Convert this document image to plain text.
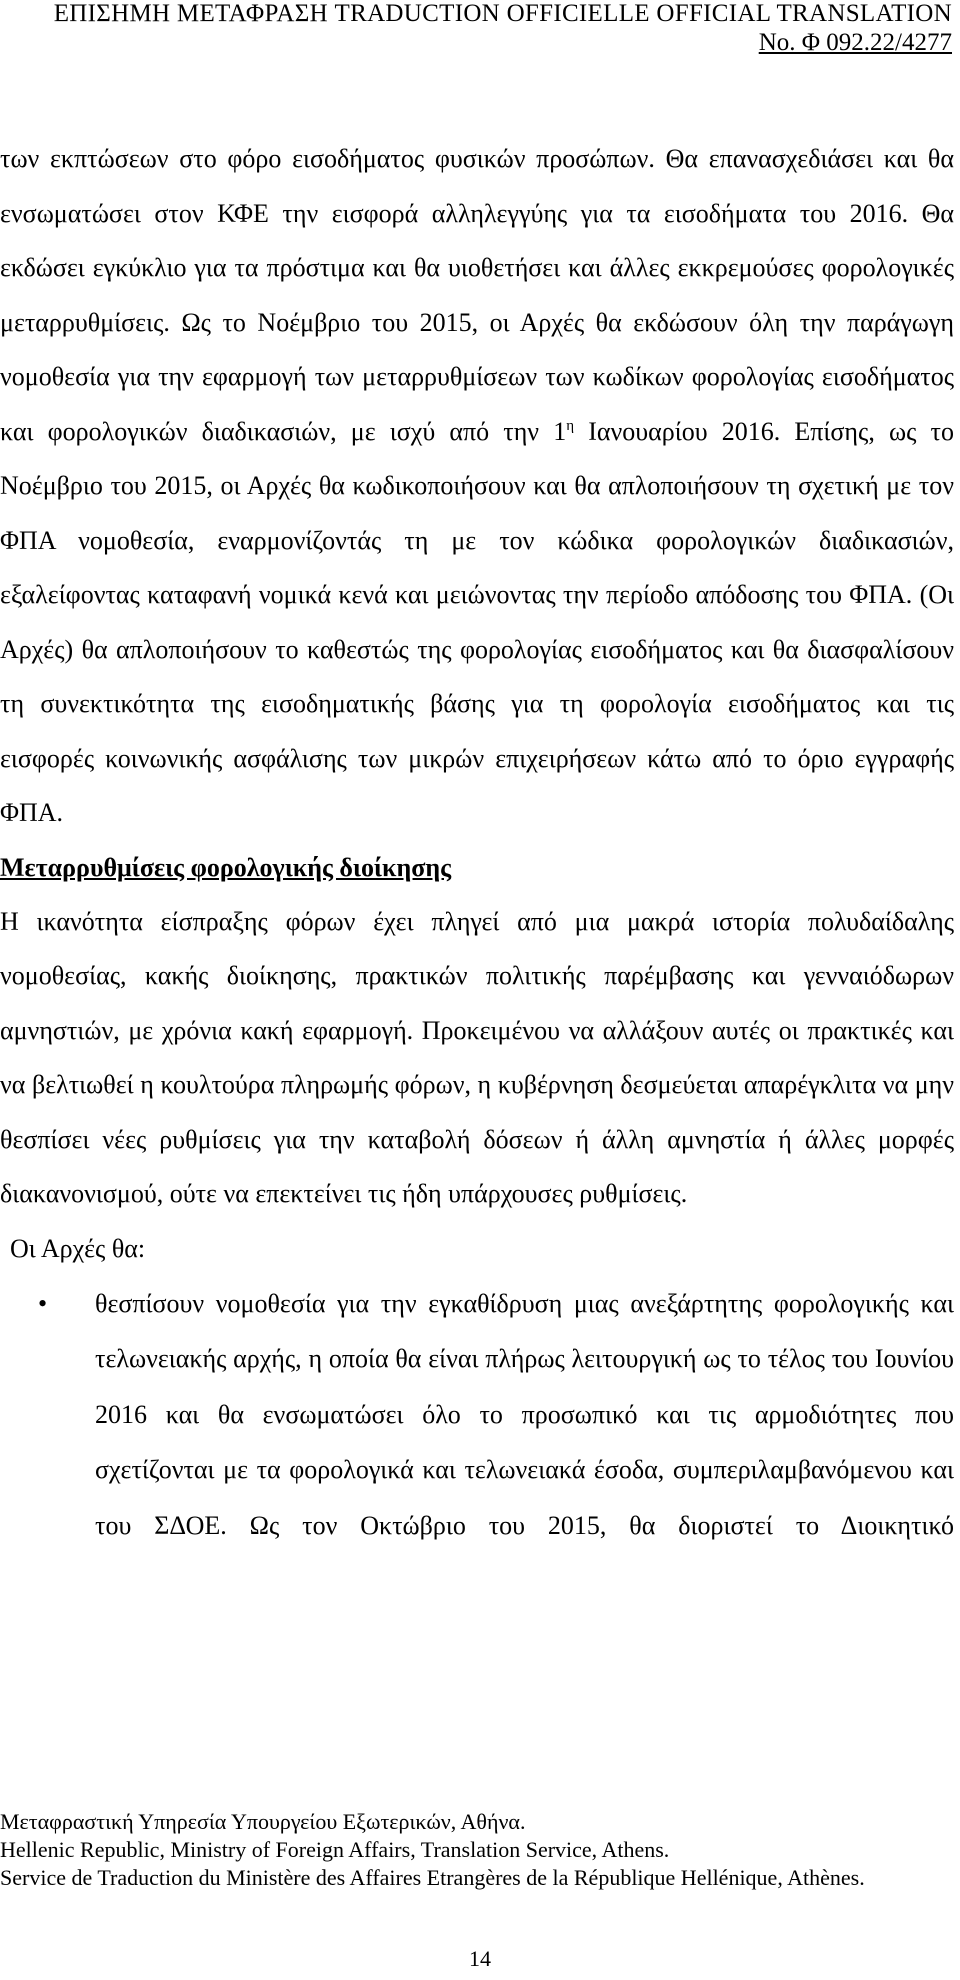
ΕΠΙΣΗΜΗ ΜΕΤΑΦΡΑΣΗ TRADUCTION OFFICIELLE OFFICIAL TRANSLATION
No. Φ 092.22/4277
των εκπτώσεων στο φόρο εισοδήματος φυσικών προσώπων. Θα επανασχεδιάσει και θα ενσωματώσει στον ΚΦΕ την εισφορά αλληλεγγύης για τα εισοδήματα του 2016. Θα εκδώσει εγκύκλιο για τα πρόστιμα και θα υιοθετήσει και άλλες εκκρεμούσες φορολογικές μεταρρυθμίσεις. Ως το Νοέμβριο του 2015, οι Αρχές θα εκδώσουν όλη την παράγωγη νομοθεσία για την εφαρμογή των μεταρρυθμίσεων των κωδίκων φορολογίας εισοδήματος και φορολογικών διαδικασιών, με ισχύ από την $1^\eta$ Ιανουαρίου 2016. Επίσης, ως το Νοέμβριο του 2015, οι Αρχές θα κωδικοποιήσουν και θα απλοποιήσουν τη σχετική με τον ΦΠΑ νομοθεσία, εναρμονίζοντάς τη με τον κώδικα φορολογικών διαδικασιών, εξαλείφοντας καταφανή νομικά κενά και μειώνοντας την περίοδο απόδοσης του ΦΠΑ. (Οι Αρχές) θα απλοποιήσουν το καθεστώς της φορολογίας εισοδήματος και θα διασφαλίσουν τη συνεκτικότητα της εισοδηματικής βάσης για τη φορολογία εισοδήματος και τις εισφορές κοινωνικής ασφάλισης των μικρών επιχειρήσεων κάτω από το όριο εγγραφής ΦΠΑ.
Μεταρρυθμίσεις φορολογικής διοίκησης
Η ικανότητα είσπραξης φόρων έχει πληγεί από μια μακρά ιστορία πολυδαίδαλης νομοθεσίας, κακής διοίκησης, πρακτικών πολιτικής παρέμβασης και γενναιόδωρων αμνηστιών, με χρόνια κακή εφαρμογή. Προκειμένου να αλλάξουν αυτές οι πρακτικές και να βελτιωθεί η κουλτούρα πληρωμής φόρων, η κυβέρνηση δεσμεύεται απαρέγκλιτα να μην θεσπίσει νέες ρυθμίσεις για την καταβολή δόσεων ή άλλη αμνηστία ή άλλες μορφές διακανονισμού, ούτε να επεκτείνει τις ήδη υπάρχουσες ρυθμίσεις.
Οι Αρχές θα:
• θεσπίσουν νομοθεσία για την εγκαθίδρυση μιας ανεξάρτητης φορολογικής και τελωνειακής αρχής, η οποία θα είναι πλήρως λειτουργική ως το τέλος του Ιουνίου 2016 και θα ενσωματώσει όλο το προσωπικό και τις αρμοδιότητες που σχετίζονται με τα φορολογικά και τελωνειακά έσοδα, συμπεριλαμβανόμενου και του ΣΔΟΕ. Ως τον Οκτώβριο του 2015, θα διοριστεί το Διοικητικό
Μεταφραστική Υπηρεσία Υπουργείου Εξωτερικών, Αθήνα.
Hellenic Republic, Ministry of Foreign Affairs, Translation Service, Athens.
Service de Traduction du Ministère des Affaires Etrangères de la République Hellénique, Athènes.
14
